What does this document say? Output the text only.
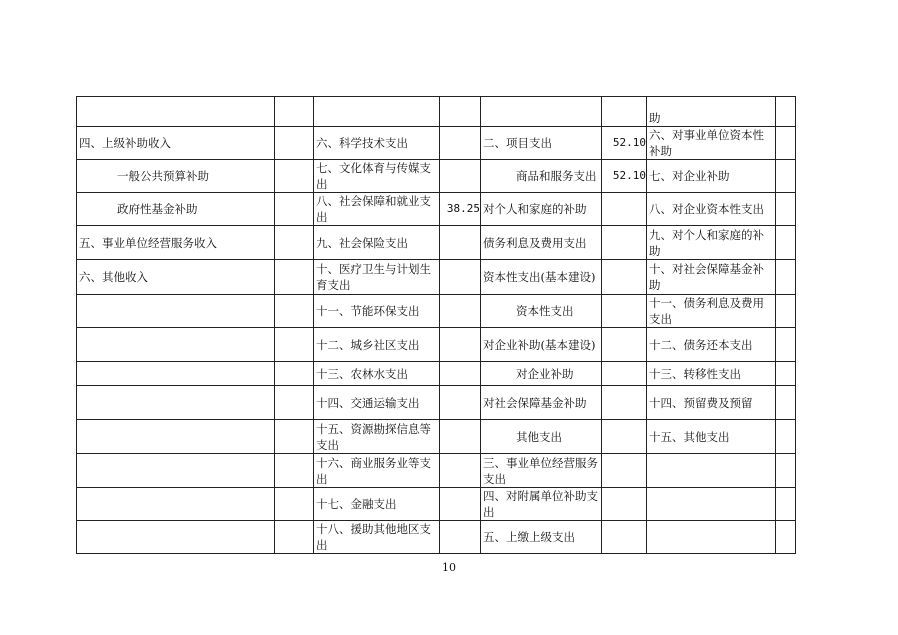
						助	
四、上级补助收入		六、科学技术支出		二、项目支出	52.10	六、对事业单位资本性补助	
一般公共预算补助		七、文化体育与传媒支出		商品和服务支出	52.10	七、对企业补助	
政府性基金补助		八、社会保障和就业支出	38.25	对个人和家庭的补助		八、对企业资本性支出	
五、事业单位经营服务收入		九、社会保险支出		债务利息及费用支出		九、对个人和家庭的补助	
六、其他收入		十、医疗卫生与计划生育支出		资本性支出(基本建设)		十、对社会保障基金补助	
		十一、节能环保支出		资本性支出		十一、债务利息及费用支出	
		十二、城乡社区支出		对企业补助(基本建设)		十二、债务还本支出	
		十三、农林水支出		对企业补助		十三、转移性支出	
		十四、交通运输支出		对社会保障基金补助		十四、预留费及预留	
		十五、资源勘探信息等支出		其他支出		十五、其他支出	
		十六、商业服务业等支出		三、事业单位经营服务支出			
		十七、金融支出		四、对附属单位补助支出			
		十八、援助其他地区支出		五、上缴上级支出			
10
